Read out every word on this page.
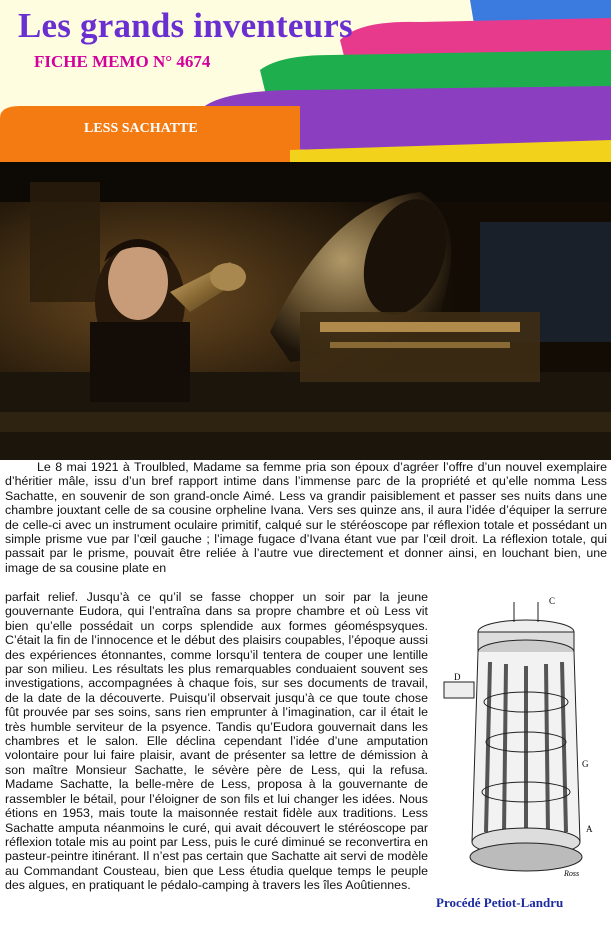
Les grands inventeurs
FICHE MEMO N° 4674
LESS SACHATTE

Le 8 mai 1921 à Troulbled, Madame sa femme pria son époux d’agréer l’offre d’un nouvel exemplaire d’héritier mâle, issu d’un bref rapport intime dans l’immense parc de la propriété et qu’elle nomma Less Sachatte, en souvenir de son grand-oncle Aimé. Less va grandir paisiblement et passer ses nuits dans une chambre jouxtant celle de sa cousine orpheline Ivana. Vers ses quinze ans, il aura l’idée d’équiper la serrure de celle-ci avec un instrument oculaire primitif, calqué sur le stéréoscope par réflexion totale et possédant un simple prisme vue par l’œil gauche ; l’image fugace d’Ivana étant vue par l’œil droit. La réflexion totale, qui passait par le prisme, pouvait être reliée à l’autre vue directement et donner ainsi, en louchant bien, une image de sa cousine plate en

parfait relief. Jusqu’à ce qu’il se fasse chopper un soir par la jeune gouvernante Eudora, qui l’entraîna dans sa propre chambre et où Less vit bien qu’elle possédait un corps splendide aux formes géoméspsyques. C’était la fin de l’innocence et le début des plaisirs coupables, l’époque aussi des expériences étonnantes, comme lorsqu’il tentera de couper une lentille par son milieu. Les résultats les plus remarquables conduaient souvent ses investigations, accompagnées à chaque fois, sur ses documents de travail, de la date de la découverte. Puisqu’il observait jusqu’à ce que toute chose fût prouvée par ses soins, sans rien emprunter à l’imagination, car il était le très humble serviteur de la psyence. Tandis qu’Eudora gouvernait dans les chambres et le salon. Elle déclina cependant l’idée d’une amputation volontaire pour lui faire plaisir, avant de présenter sa lettre de démission à son maître Monsieur Sachatte, le sévère père de Less, qui la refusa. Madame Sachatte, la belle-mère de Less, proposa à la gouvernante de rassembler le bétail, pour l’éloigner de son fils et lui changer les idées. Nous étions en 1953, mais toute la maisonnée restait fidèle aux traditions. Less Sachatte amputa néanmoins le curé, qui avait découvert le stéréoscope par réflexion totale mis au point par Less, puis le curé diminué se reconvertira en pasteur-peintre itinérant. Il n’est pas certain que Sachatte ait servi de modèle au Commandant Cousteau, bien que Less étudia quelque temps le peuple des algues, en pratiquant le pédalo-camping à travers les îles Aoûtiennes.

C
D
A
G
Ross
Procédé Petiot-Landru
